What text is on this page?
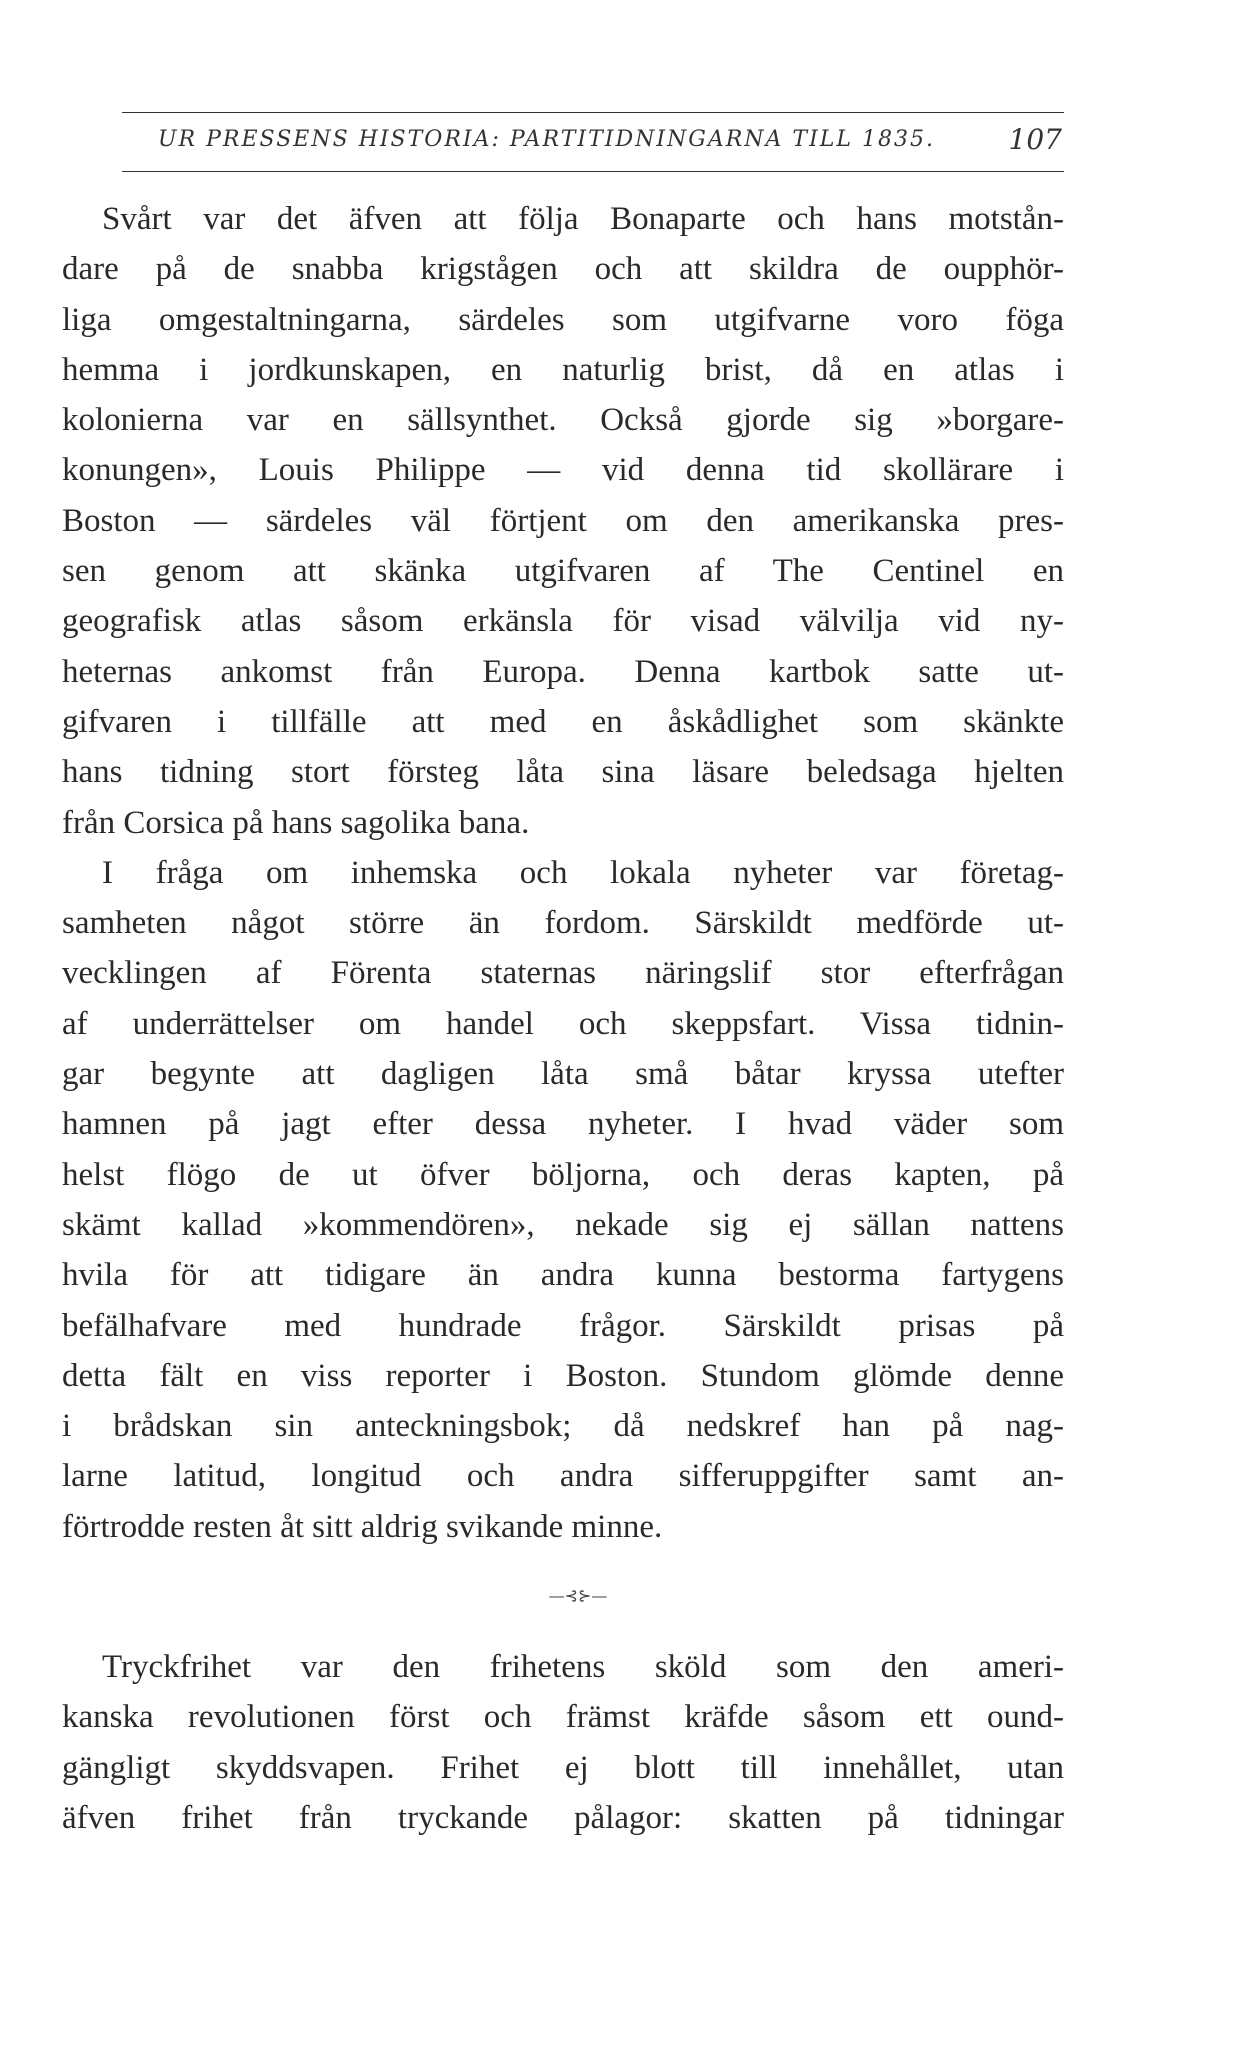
UR PRESSENS HISTORIA: PARTITIDNINGARNA TILL 1835.	107
Svårt var det äfven att följa Bonaparte och hans motstån-
dare på de snabba krigstågen och att skildra de oupphör-
liga omgestaltningarna, särdeles som utgifvarne voro föga
hemma i jordkunskapen, en naturlig brist, då en atlas i
kolonierna var en sällsynthet. Också gjorde sig »borgare-
konungen», Louis Philippe — vid denna tid skollärare i
Boston — särdeles väl förtjent om den amerikanska pres-
sen genom att skänka utgifvaren af The Centinel en
geografisk atlas såsom erkänsla för visad välvilja vid ny-
heternas ankomst från Europa. Denna kartbok satte ut-
gifvaren i tillfälle att med en åskådlighet som skänkte
hans tidning stort försteg låta sina läsare beledsaga hjelten
från Corsica på hans sagolika bana.
I fråga om inhemska och lokala nyheter var företag-
samheten något större än fordom. Särskildt medförde ut-
vecklingen af Förenta staternas näringslif stor efterfrågan
af underrättelser om handel och skeppsfart. Vissa tidnin-
gar begynte att dagligen låta små båtar kryssa utefter
hamnen på jagt efter dessa nyheter. I hvad väder som
helst flögo de ut öfver böljorna, och deras kapten, på
skämt kallad »kommendören», nekade sig ej sällan nattens
hvila för att tidigare än andra kunna bestorma fartygens
befälhafvare med hundrade frågor. Särskildt prisas på
detta fält en viss reporter i Boston. Stundom glömde denne
i brådskan sin anteckningsbok; då nedskref han på nag-
larne latitud, longitud och andra sifferuppgifter samt an-
förtrodde resten åt sitt aldrig svikande minne.
—⊰⊱—
Tryckfrihet var den frihetens sköld som den ameri-
kanska revolutionen först och främst kräfde såsom ett ound-
gängligt skyddsvapen. Frihet ej blott till innehållet, utan
äfven frihet från tryckande pålagor: skatten på tidningar
